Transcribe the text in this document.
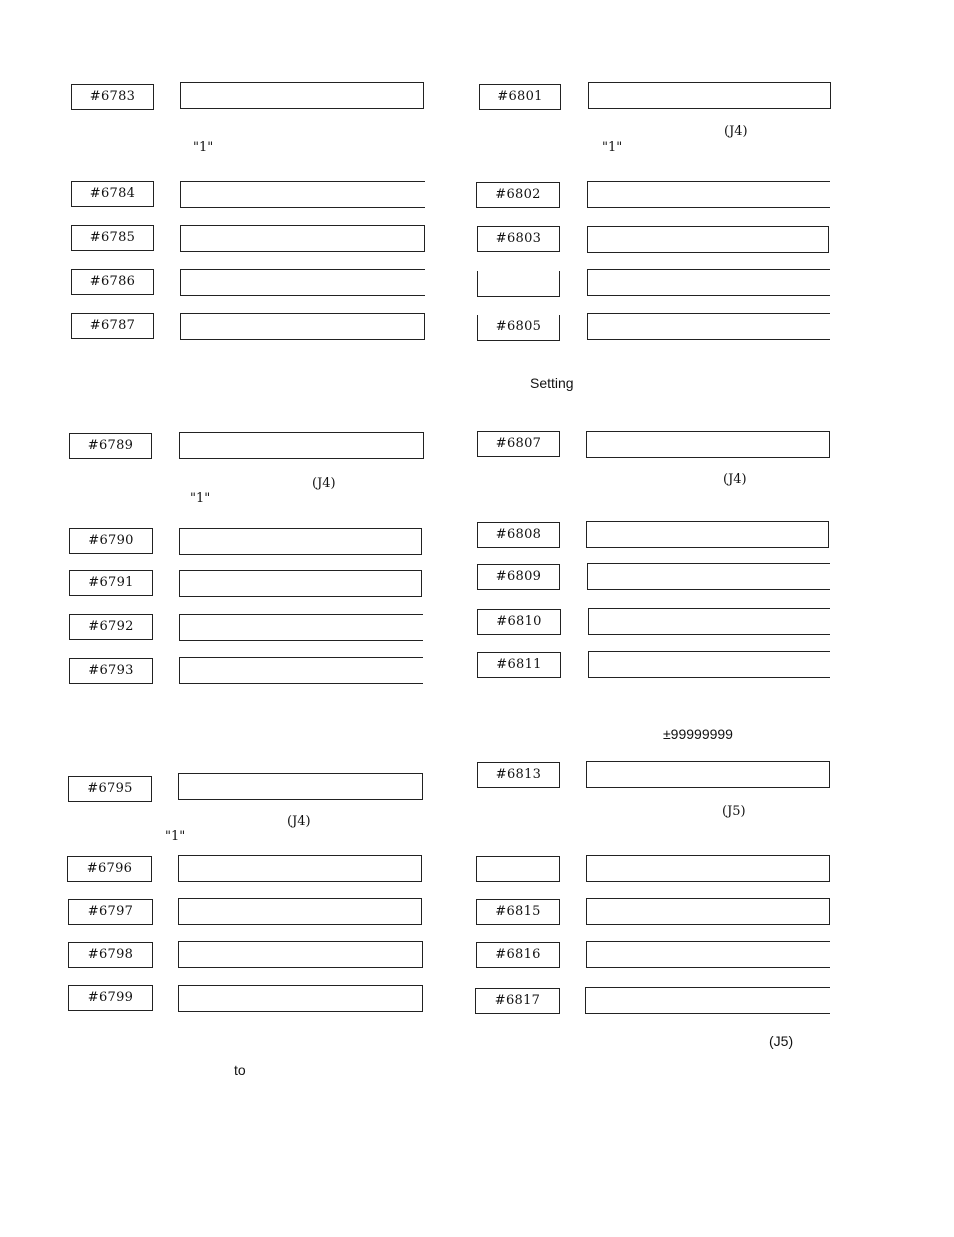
#6783
"1"
#6784
#6785
#6786
#6787
#6789
(J4)
"1"
#6790
#6791
#6792
#6793
#6795
(J4)
"1"
#6796
#6797
#6798
#6799
to
#6801
(J4)
"1"
#6802
#6803
#6805
Setting
#6807
(J4)
#6808
#6809
#6810
#6811
±99999999
#6813
(J5)
#6815
#6816
#6817
(J5)
